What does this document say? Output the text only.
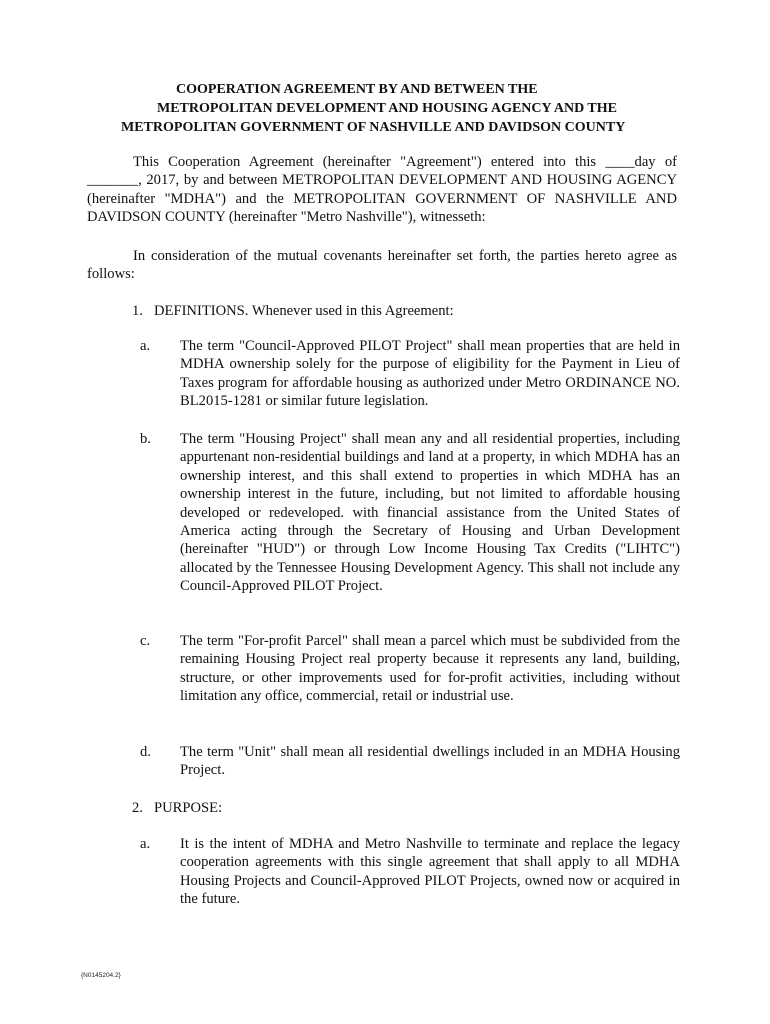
COOPERATION AGREEMENT BY AND BETWEEN THE
METROPOLITAN DEVELOPMENT AND HOUSING AGENCY AND THE
METROPOLITAN GOVERNMENT OF NASHVILLE AND DAVIDSON COUNTY
This Cooperation Agreement (hereinafter "Agreement") entered into this ____day of _______, 2017, by and between METROPOLITAN DEVELOPMENT AND HOUSING AGENCY (hereinafter "MDHA") and the METROPOLITAN GOVERNMENT OF NASHVILLE AND DAVIDSON COUNTY (hereinafter "Metro Nashville"), witnesseth:
In consideration of the mutual covenants hereinafter set forth, the parties hereto agree as follows:
1. DEFINITIONS. Whenever used in this Agreement:
a. The term "Council-Approved PILOT Project" shall mean properties that are held in MDHA ownership solely for the purpose of eligibility for the Payment in Lieu of Taxes program for affordable housing as authorized under Metro ORDINANCE NO. BL2015-1281 or similar future legislation.
b. The term "Housing Project" shall mean any and all residential properties, including appurtenant non-residential buildings and land at a property, in which MDHA has an ownership interest, and this shall extend to properties in which MDHA has an ownership interest in the future, including, but not limited to affordable housing developed or redeveloped. with financial assistance from the United States of America acting through the Secretary of Housing and Urban Development (hereinafter "HUD") or through Low Income Housing Tax Credits ("LIHTC") allocated by the Tennessee Housing Development Agency. This shall not include any Council-Approved PILOT Project.
c. The term "For-profit Parcel" shall mean a parcel which must be subdivided from the remaining Housing Project real property because it represents any land, building, structure, or other improvements used for for-profit activities, including without limitation any office, commercial, retail or industrial use.
d. The term "Unit" shall mean all residential dwellings included in an MDHA Housing Project.
2. PURPOSE:
a. It is the intent of MDHA and Metro Nashville to terminate and replace the legacy cooperation agreements with this single agreement that shall apply to all MDHA Housing Projects and Council-Approved PILOT Projects, owned now or acquired in the future.
{N0145204.2}
